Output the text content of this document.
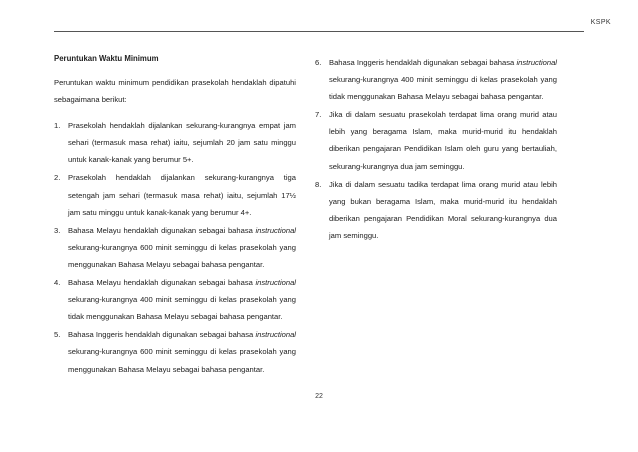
KSPK
Peruntukan Waktu Minimum
Peruntukan waktu minimum pendidikan prasekolah hendaklah dipatuhi sebagaimana berikut:
1. Prasekolah hendaklah dijalankan sekurang-kurangnya empat jam sehari (termasuk masa rehat) iaitu, sejumlah 20 jam satu minggu untuk kanak-kanak yang berumur 5+.
2. Prasekolah hendaklah dijalankan sekurang-kurangnya tiga setengah jam sehari (termasuk masa rehat) iaitu, sejumlah 17½ jam satu minggu untuk kanak-kanak yang berumur 4+.
3. Bahasa Melayu hendaklah digunakan sebagai bahasa instructional sekurang-kurangnya 600 minit seminggu di kelas prasekolah yang menggunakan Bahasa Melayu sebagai bahasa pengantar.
4. Bahasa Melayu hendaklah digunakan sebagai bahasa instructional sekurang-kurangnya 400 minit seminggu di kelas prasekolah yang tidak menggunakan Bahasa Melayu sebagai bahasa pengantar.
5. Bahasa Inggeris hendaklah digunakan sebagai bahasa instructional sekurang-kurangnya 600 minit seminggu di kelas prasekolah yang menggunakan Bahasa Melayu sebagai bahasa pengantar.
6. Bahasa Inggeris hendaklah digunakan sebagai bahasa instructional sekurang-kurangnya 400 minit seminggu di kelas prasekolah yang tidak menggunakan Bahasa Melayu sebagai bahasa pengantar.
7. Jika di dalam sesuatu prasekolah terdapat lima orang murid atau lebih yang beragama Islam, maka murid-murid itu hendaklah diberikan pengajaran Pendidikan Islam oleh guru yang bertauliah, sekurang-kurangnya dua jam seminggu.
8. Jika di dalam sesuatu tadika terdapat lima orang murid atau lebih yang bukan beragama Islam, maka murid-murid itu hendaklah diberikan pengajaran Pendidikan Moral sekurang-kurangnya dua jam seminggu.
22
